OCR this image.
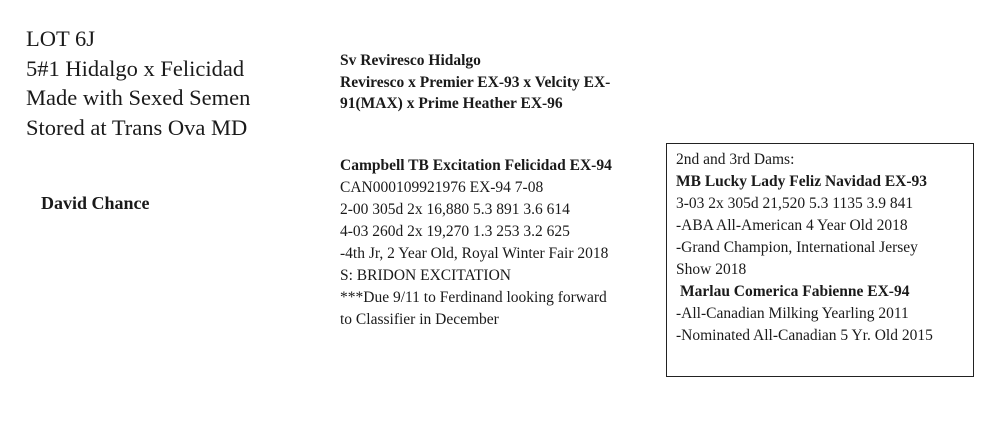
LOT 6J
5#1 Hidalgo x Felicidad
Made with Sexed Semen
Stored at Trans Ova MD
David Chance
Sv Reviresco Hidalgo
Reviresco x Premier EX-93 x Velcity EX-
91(MAX) x Prime Heather EX-96
Campbell TB Excitation Felicidad EX-94
CAN000109921976 EX-94 7-08
2-00 305d 2x 16,880 5.3 891 3.6 614
4-03 260d 2x 19,270 1.3 253 3.2 625
-4th Jr, 2 Year Old, Royal Winter Fair 2018
S: BRIDON EXCITATION
***Due 9/11 to Ferdinand looking forward
to Classifier in December
2nd and 3rd Dams:
MB Lucky Lady Feliz Navidad EX-93
3-03 2x 305d 21,520 5.3 1135 3.9 841
-ABA All-American 4 Year Old 2018
-Grand Champion, International Jersey
Show 2018
Marlau Comerica Fabienne EX-94
-All-Canadian Milking Yearling 2011
-Nominated All-Canadian 5 Yr. Old 2015
